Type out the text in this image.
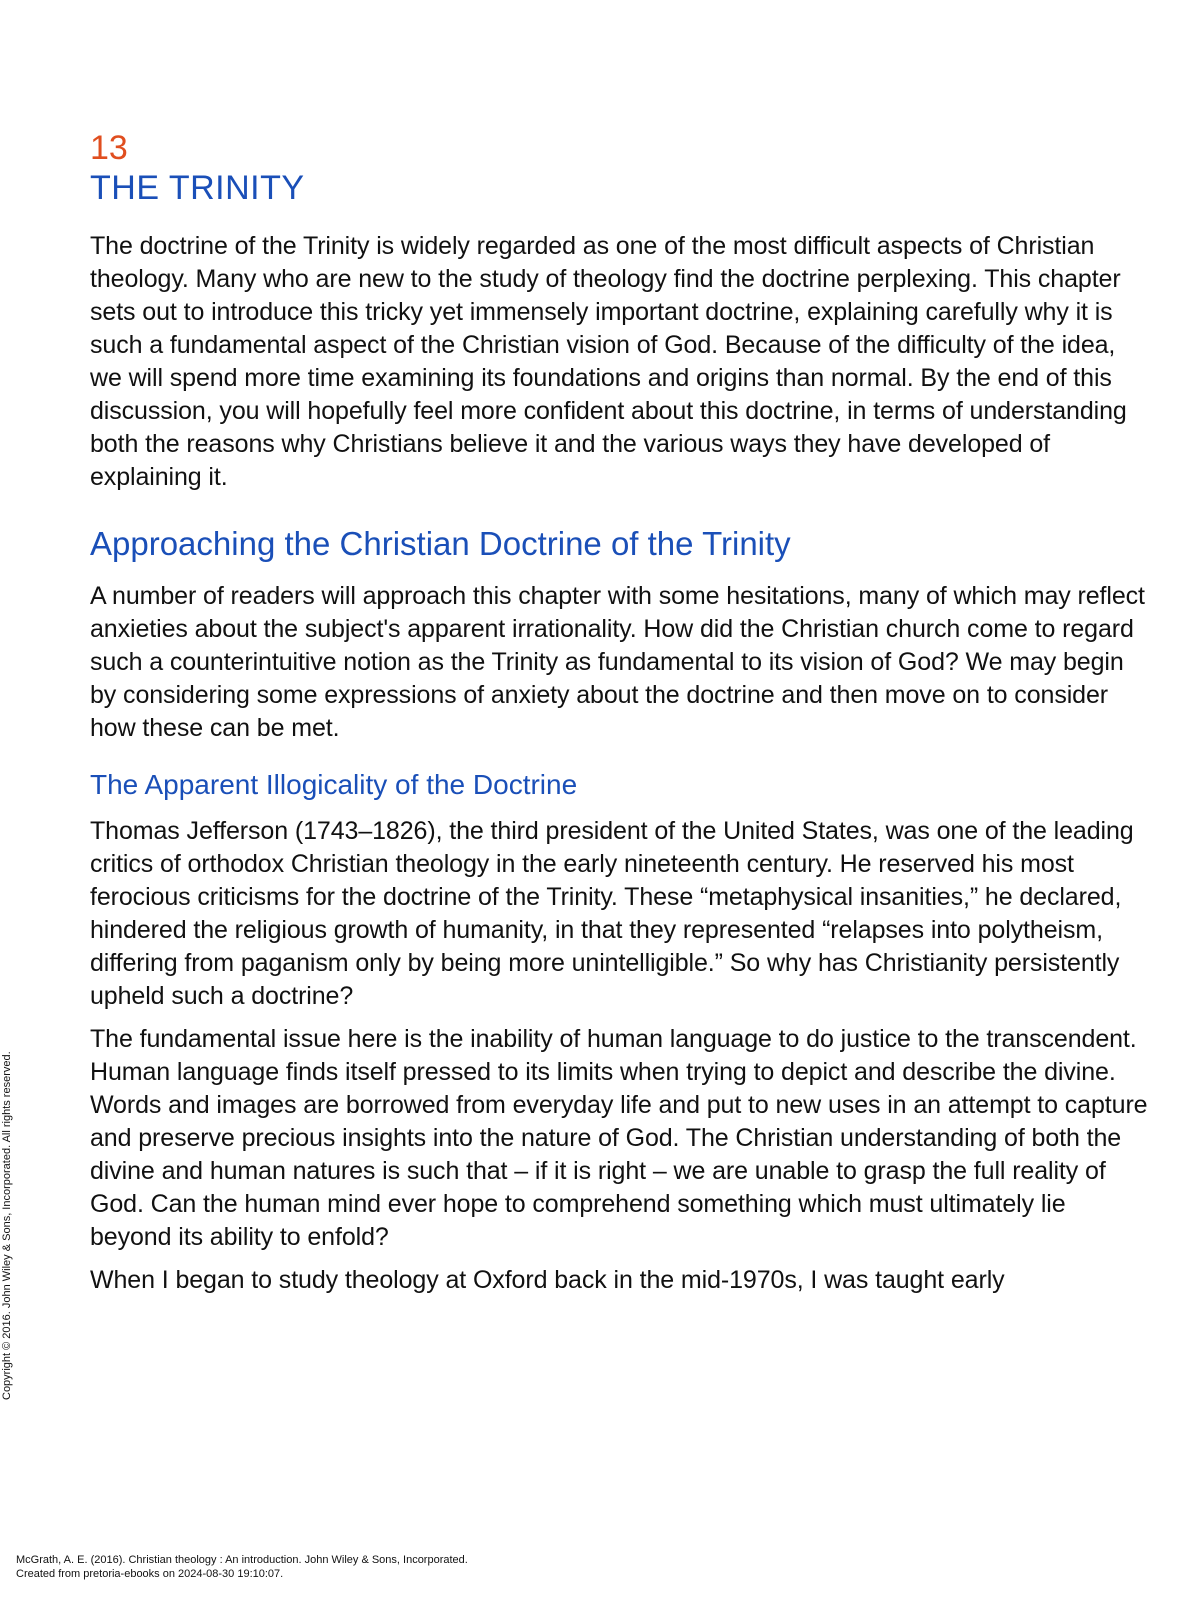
13
THE TRINITY

The doctrine of the Trinity is widely regarded as one of the most difficult aspects of Christian theology. Many who are new to the study of theology find the doctrine perplexing. This chapter sets out to introduce this tricky yet immensely important doctrine, explaining carefully why it is such a fundamental aspect of the Christian vision of God. Because of the difficulty of the idea, we will spend more time examining its foundations and origins than normal. By the end of this discussion, you will hopefully feel more confident about this doctrine, in terms of understanding both the reasons why Christians believe it and the various ways they have developed of explaining it.

Approaching the Christian Doctrine of the Trinity

A number of readers will approach this chapter with some hesitations, many of which may reflect anxieties about the subject's apparent irrationality. How did the Christian church come to regard such a counterintuitive notion as the Trinity as fundamental to its vision of God? We may begin by considering some expressions of anxiety about the doctrine and then move on to consider how these can be met.

The Apparent Illogicality of the Doctrine

Thomas Jefferson (1743–1826), the third president of the United States, was one of the leading critics of orthodox Christian theology in the early nineteenth century. He reserved his most ferocious criticisms for the doctrine of the Trinity. These “metaphysical insanities,” he declared, hindered the religious growth of humanity, in that they represented “relapses into polytheism, differing from paganism only by being more unintelligible.” So why has Christianity persistently upheld such a doctrine?

The fundamental issue here is the inability of human language to do justice to the transcendent. Human language finds itself pressed to its limits when trying to depict and describe the divine. Words and images are borrowed from everyday life and put to new uses in an attempt to capture and preserve precious insights into the nature of God. The Christian understanding of both the divine and human natures is such that – if it is right – we are unable to grasp the full reality of God. Can the human mind ever hope to comprehend something which must ultimately lie beyond its ability to enfold?

When I began to study theology at Oxford back in the mid-1970s, I was taught early

Copyright © 2016. John Wiley & Sons, Incorporated. All rights reserved.
McGrath, A. E. (2016). Christian theology : An introduction. John Wiley & Sons, Incorporated.
Created from pretoria-ebooks on 2024-08-30 19:10:07.
